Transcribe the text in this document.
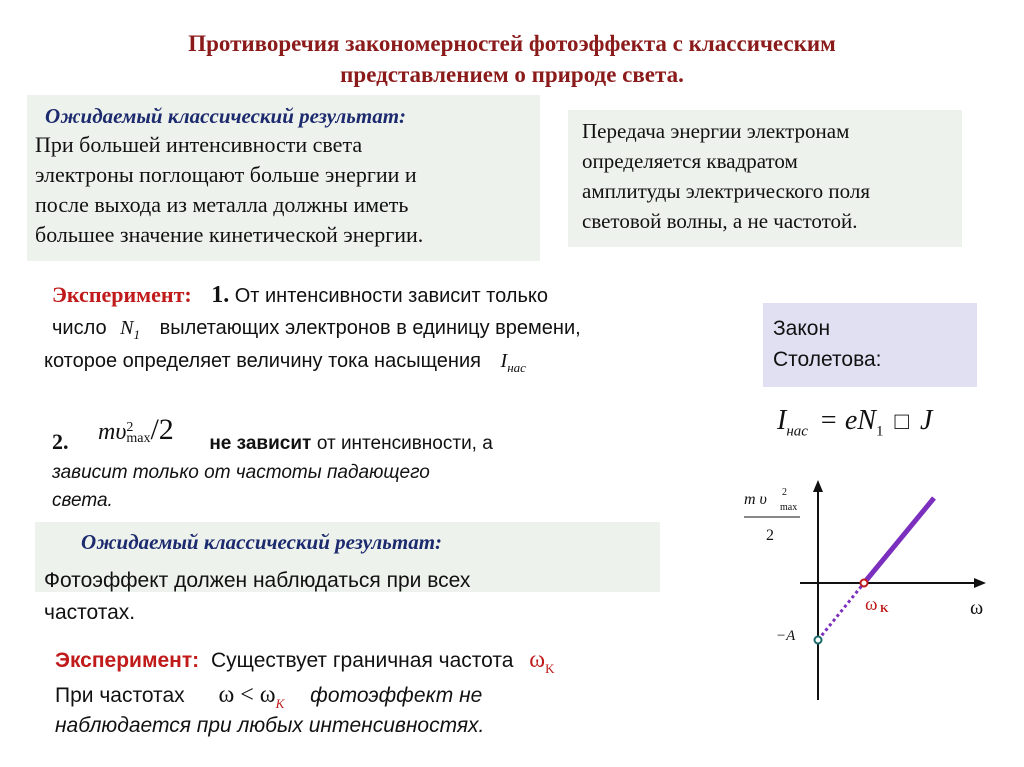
Противоречия закономерностей фотоэффекта с классическим
представлением о природе света.
Ожидаемый классический результат:
При большей интенсивности света
электроны поглощают больше энергии и
после выхода из металла должны иметь
большее значение кинетической энергии.
Передача энергии электронам
определяется квадратом
амплитуды электрического поля
световой волны, а не частотой.
Эксперимент: 1. От интенсивности зависит только
число $N_1$ вылетающих электронов в единицу времени,
которое определяет величину тока насыщения $I_{нас}$
Закон
Столетова:
$I_{нас} = eN_1$ □ J
2. mυ 2
max /2 не зависит от интенсивности, а
зависит только от частоты падающего
света.
Ожидаемый классический результат:
Фотоэффект должен наблюдаться при всех
частотах.
Эксперимент: Существует граничная частота $\omega_K$
При частотах $\omega < \omega_K$ фотоэффект не
наблюдается при любых интенсивностях.
m υ 2
max
2
ω
ω K
−A
